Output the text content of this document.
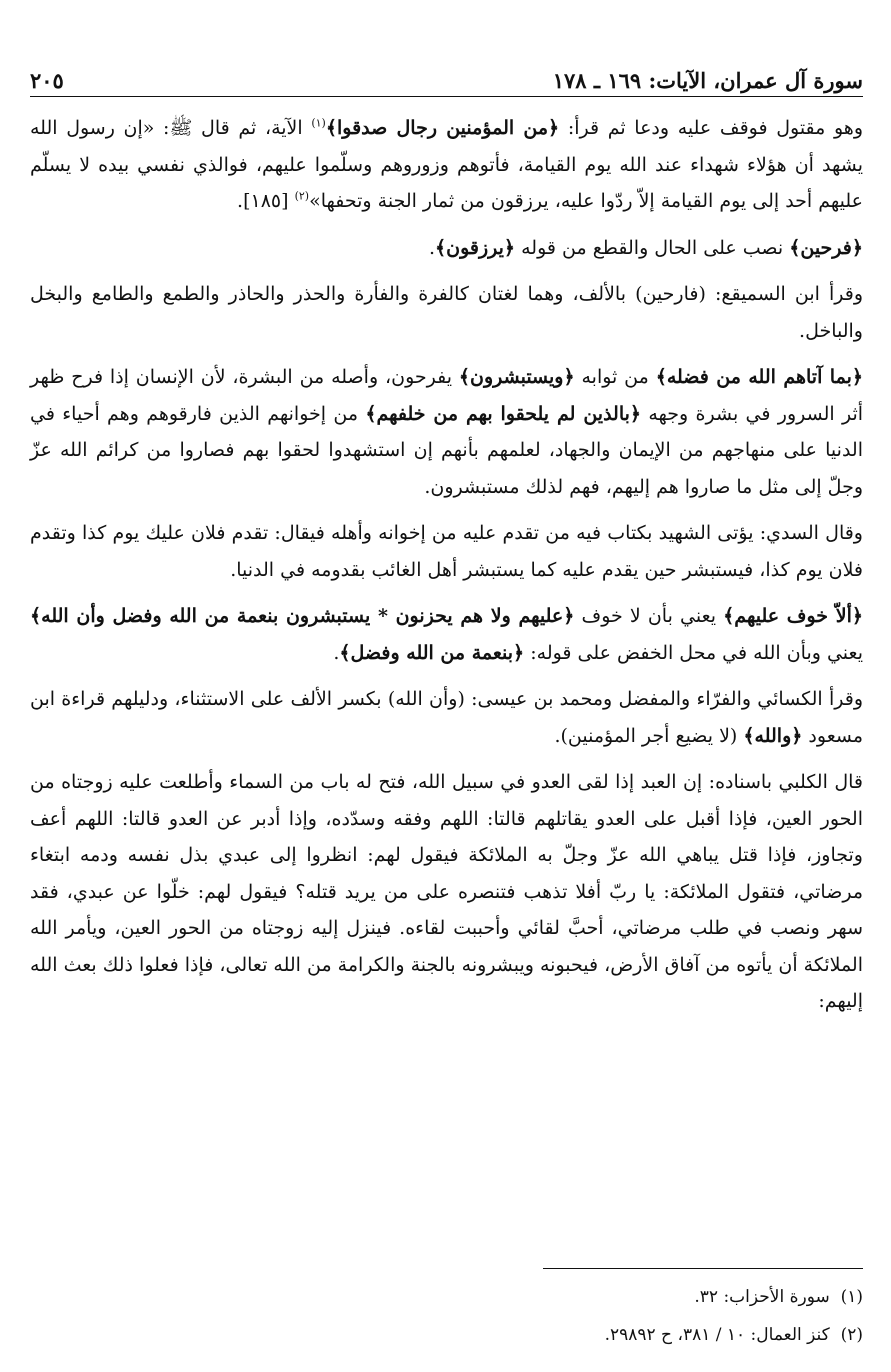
سورة آل عمران، الآيات: ١٦٩ ـ ١٧٨
٢٠٥

وهو مقتول فوقف عليه ودعا ثم قرأ: ﴿من المؤمنين رجال صدقوا﴾$^{(١)}$ الآية، ثم قال ﷺ: «إن رسول الله يشهد أن هؤلاء شهداء عند الله يوم القيامة، فأتوهم وزوروهم وسلّموا عليهم، فوالذي نفسي بيده لا يسلّم عليهم أحد إلى يوم القيامة إلاّ ردّوا عليه، يرزقون من ثمار الجنة وتحفها»$^{(٢)}$ [١٨٥].

﴿فرحين﴾ نصب على الحال والقطع من قوله ﴿يرزقون﴾.

وقرأ ابن السميقع: (فارحين) بالألف، وهما لغتان كالفرة والفأرة والحذر والحاذر والطمع والطامع والبخل والباخل.

﴿بما آتاهم الله من فضله﴾ من ثوابه ﴿ويستبشرون﴾ يفرحون، وأصله من البشرة، لأن الإنسان إذا فرح ظهر أثر السرور في بشرة وجهه ﴿بالذين لم يلحقوا بهم من خلفهم﴾ من إخوانهم الذين فارقوهم وهم أحياء في الدنيا على منهاجهم من الإيمان والجهاد، لعلمهم بأنهم إن استشهدوا لحقوا بهم فصاروا من كرائم الله عزّ وجلّ إلى مثل ما صاروا هم إليهم، فهم لذلك مستبشرون.

وقال السدي: يؤتى الشهيد بكتاب فيه من تقدم عليه من إخوانه وأهله فيقال: تقدم فلان عليك يوم كذا وتقدم فلان يوم كذا، فيستبشر حين يقدم عليه كما يستبشر أهل الغائب بقدومه في الدنيا.

﴿ألاّ خوف عليهم﴾ يعني بأن لا خوف ﴿عليهم ولا هم يحزنون * يستبشرون بنعمة من الله وفضل وأن الله﴾ يعني وبأن الله في محل الخفض على قوله: ﴿بنعمة من الله وفضل﴾.

وقرأ الكسائي والفرّاء والمفضل ومحمد بن عيسى: (وأن الله) بكسر الألف على الاستثناء، ودليلهم قراءة ابن مسعود ﴿والله﴾ (لا يضيع أجر المؤمنين).

قال الكلبي باسناده: إن العبد إذا لقى العدو في سبيل الله، فتح له باب من السماء وأطلعت عليه زوجتاه من الحور العين، فإذا أقبل على العدو يقاتلهم قالتا: اللهم وفقه وسدّده، وإذا أدبر عن العدو قالتا: اللهم أعف وتجاوز، فإذا قتل يباهي الله عزّ وجلّ به الملائكة فيقول لهم: انظروا إلى عبدي بذل نفسه ودمه ابتغاء مرضاتي، فتقول الملائكة: يا ربّ أفلا تذهب فتنصره على من يريد قتله؟ فيقول لهم: خلّوا عن عبدي، فقد سهر ونصب في طلب مرضاتي، أحبَّ لقائي وأحببت لقاءه. فينزل إليه زوجتاه من الحور العين، ويأمر الله الملائكة أن يأتوه من آفاق الأرض، فيحبونه ويبشرونه بالجنة والكرامة من الله تعالى، فإذا فعلوا ذلك بعث الله إليهم:

(١)  سورة الأحزاب: ٣٢.
(٢)  كنز العمال: ١٠ / ٣٨١، ح ٢٩٨٩٢.
